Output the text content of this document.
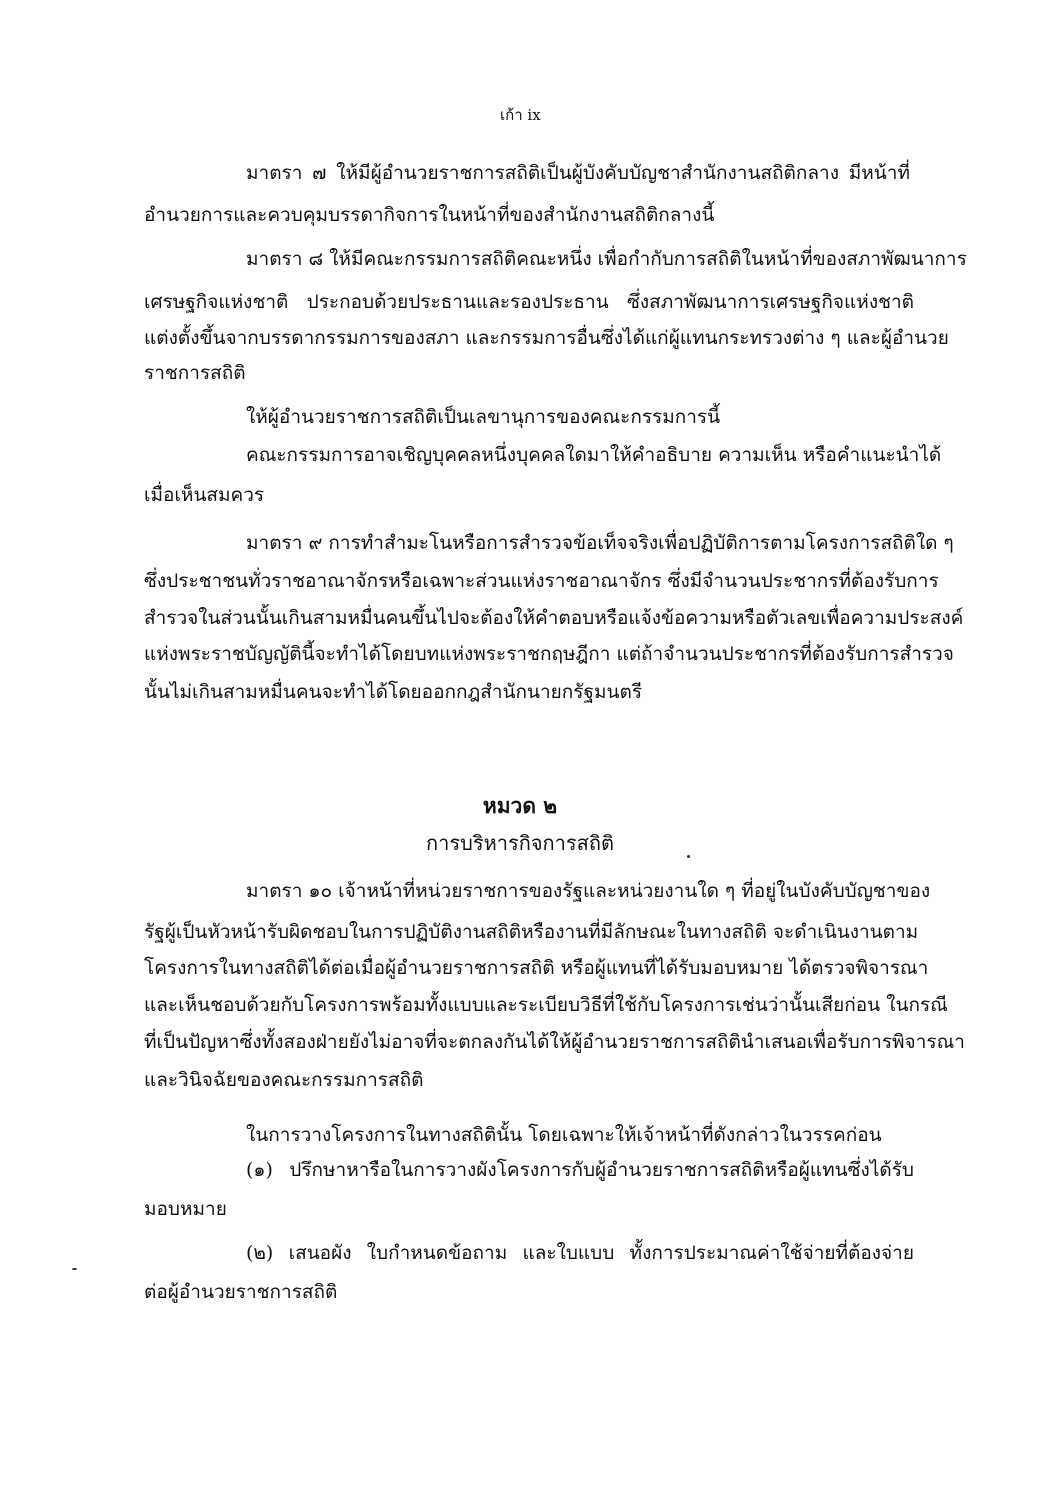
เก้า ix
มาตรา ๗ ให้มีผู้อำนวยราชการสถิติเป็นผู้บังคับบัญชาสำนักงานสถิติกลาง มีหน้าที่
อำนวยการและควบคุมบรรดากิจการในหน้าที่ของสำนักงานสถิติกลางนี้
มาตรา ๘ ให้มีคณะกรรมการสถิติคณะหนึ่ง เพื่อกำกับการสถิติในหน้าที่ของสภาพัฒนาการ
เศรษฐกิจแห่งชาติ ประกอบด้วยประธานและรองประธาน ซึ่งสภาพัฒนาการเศรษฐกิจแห่งชาติ
แต่งตั้งขึ้นจากบรรดากรรมการของสภา และกรรมการอื่นซึ่งได้แก่ผู้แทนกระทรวงต่าง ๆ และผู้อำนวย
ราชการสถิติ
ให้ผู้อำนวยราชการสถิติเป็นเลขานุการของคณะกรรมการนี้
คณะกรรมการอาจเชิญบุคคลหนึ่งบุคคลใดมาให้คำอธิบาย ความเห็น หรือคำแนะนำได้
เมื่อเห็นสมควร
มาตรา ๙ การทำสำมะโนหรือการสำรวจข้อเท็จจริงเพื่อปฏิบัติการตามโครงการสถิติใด ๆ
ซึ่งประชาชนทั่วราชอาณาจักรหรือเฉพาะส่วนแห่งราชอาณาจักร ซึ่งมีจำนวนประชากรที่ต้องรับการ
สำรวจในส่วนนั้นเกินสามหมื่นคนขึ้นไปจะต้องให้คำตอบหรือแจ้งข้อความหรือตัวเลขเพื่อความประสงค์
แห่งพระราชบัญญัตินี้จะทำได้โดยบทแห่งพระราชกฤษฎีกา แต่ถ้าจำนวนประชากรที่ต้องรับการสำรวจ
นั้นไม่เกินสามหมื่นคนจะทำได้โดยออกกฎสำนักนายกรัฐมนตรี
หมวด ๒
การบริหารกิจการสถิติ
มาตรา ๑๐ เจ้าหน้าที่หน่วยราชการของรัฐและหน่วยงานใด ๆ ที่อยู่ในบังคับบัญชาของ
รัฐผู้เป็นหัวหน้ารับผิดชอบในการปฏิบัติงานสถิติหรืองานที่มีลักษณะในทางสถิติ จะดำเนินงานตาม
โครงการในทางสถิติได้ต่อเมื่อผู้อำนวยราชการสถิติ หรือผู้แทนที่ได้รับมอบหมาย ได้ตรวจพิจารณา
และเห็นชอบด้วยกับโครงการพร้อมทั้งแบบและระเบียบวิธีที่ใช้กับโครงการเช่นว่านั้นเสียก่อน ในกรณี
ที่เป็นปัญหาซึ่งทั้งสองฝ่ายยังไม่อาจที่จะตกลงกันได้ให้ผู้อำนวยราชการสถิตินำเสนอเพื่อรับการพิจารณา
และวินิจฉัยของคณะกรรมการสถิติ
ในการวางโครงการในทางสถิตินั้น โดยเฉพาะให้เจ้าหน้าที่ดังกล่าวในวรรคก่อน
(๑) ปรึกษาหารือในการวางผังโครงการกับผู้อำนวยราชการสถิติหรือผู้แทนซึ่งได้รับ
มอบหมาย
(๒) เสนอผัง ใบกำหนดข้อถาม และใบแบบ ทั้งการประมาณค่าใช้จ่ายที่ต้องจ่าย
ต่อผู้อำนวยราชการสถิติ
